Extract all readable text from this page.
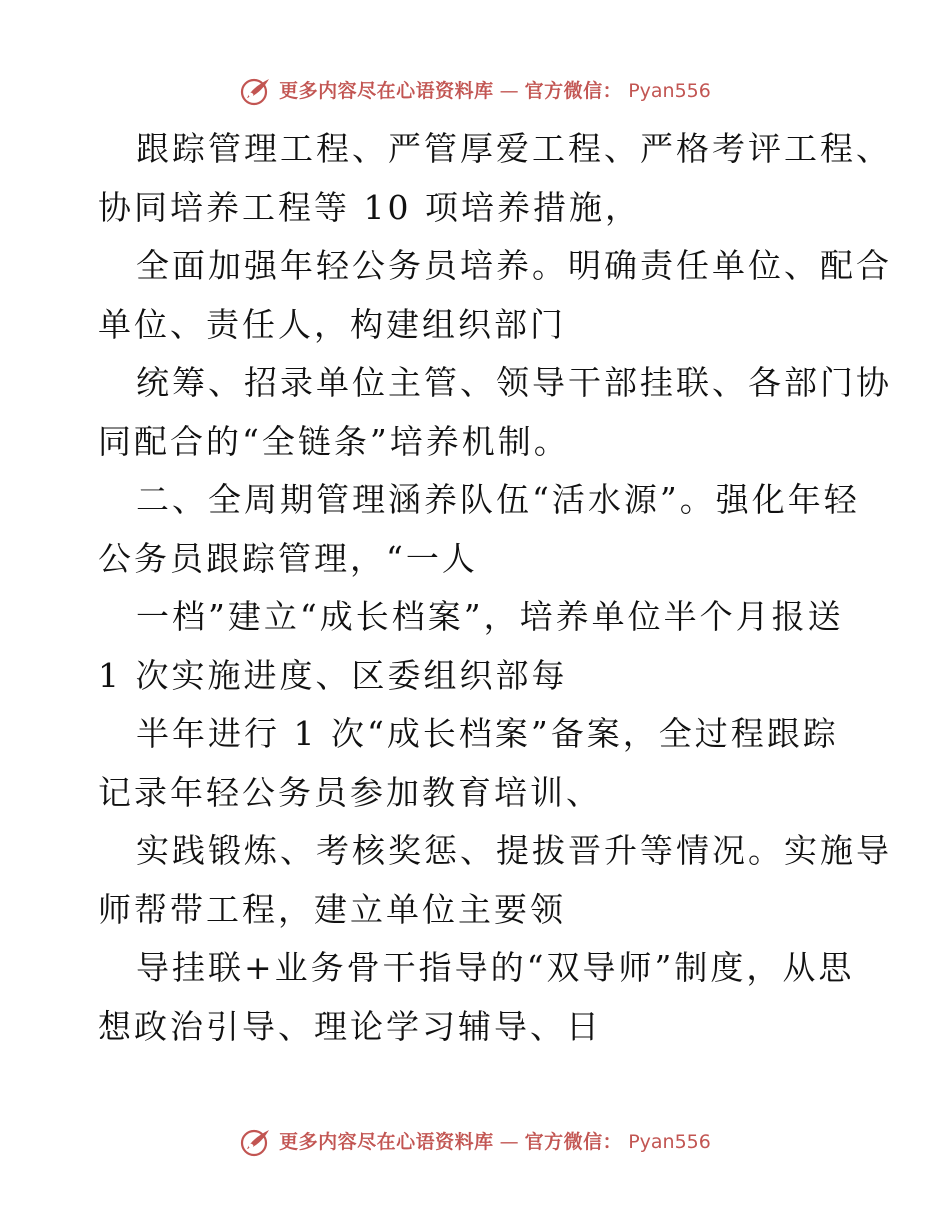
更多内容尽在心语资料库 — 官方微信： Pyan556
跟踪管理工程、严管厚爱工程、严格考评工程、
协同培养工程等 10 项培养措施，
全面加强年轻公务员培养。明确责任单位、配合
单位、责任人，构建组织部门
统筹、招录单位主管、领导干部挂联、各部门协
同配合的“全链条”培养机制。
二、全周期管理涵养队伍“活水源”。强化年轻
公务员跟踪管理，“一人
一档”建立“成长档案”，培养单位半个月报送
1 次实施进度、区委组织部每
半年进行 1 次“成长档案”备案，全过程跟踪
记录年轻公务员参加教育培训、
实践锻炼、考核奖惩、提拔晋升等情况。实施导
师帮带工程，建立单位主要领
导挂联+业务骨干指导的“双导师”制度，从思
想政治引导、理论学习辅导、日
更多内容尽在心语资料库 — 官方微信： Pyan556
